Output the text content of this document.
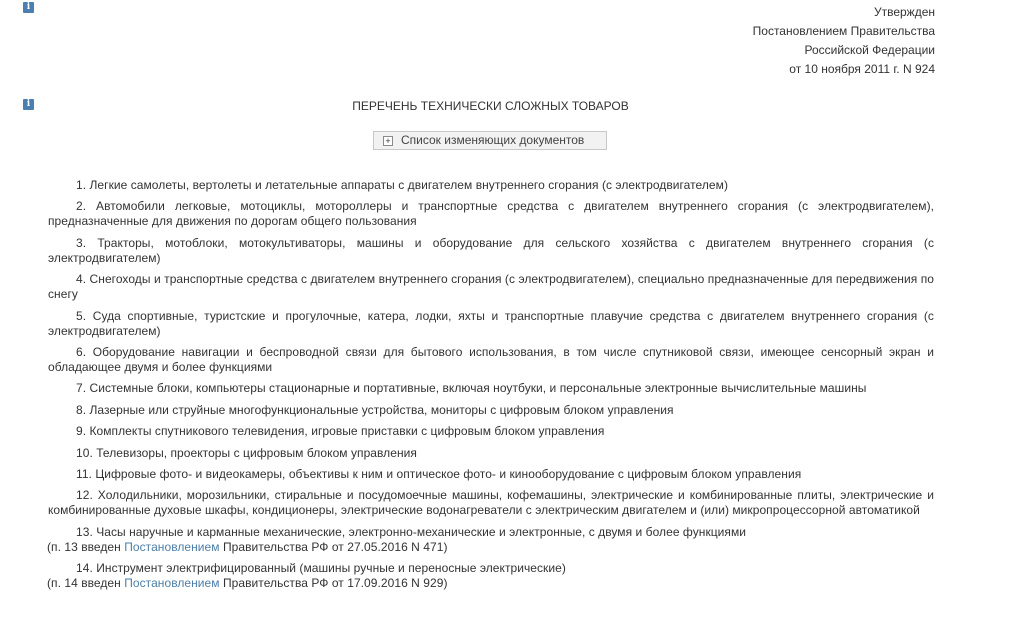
i
i
Утвержден
Постановлением Правительства
Российской Федерации
от 10 ноября 2011 г. N 924
ПЕРЕЧЕНЬ ТЕХНИЧЕСКИ СЛОЖНЫХ ТОВАРОВ
+ Список изменяющих документов
1. Легкие самолеты, вертолеты и летательные аппараты с двигателем внутреннего сгорания (с электродвигателем)
2. Автомобили легковые, мотоциклы, мотороллеры и транспортные средства с двигателем внутреннего сгорания (с электродвигателем), предназначенные для движения по дорогам общего пользования
3. Тракторы, мотоблоки, мотокультиваторы, машины и оборудование для сельского хозяйства с двигателем внутреннего сгорания (с электродвигателем)
4. Снегоходы и транспортные средства с двигателем внутреннего сгорания (с электродвигателем), специально предназначенные для передвижения по снегу
5. Суда спортивные, туристские и прогулочные, катера, лодки, яхты и транспортные плавучие средства с двигателем внутреннего сгорания (с электродвигателем)
6. Оборудование навигации и беспроводной связи для бытового использования, в том числе спутниковой связи, имеющее сенсорный экран и обладающее двумя и более функциями
7. Системные блоки, компьютеры стационарные и портативные, включая ноутбуки, и персональные электронные вычислительные машины
8. Лазерные или струйные многофункциональные устройства, мониторы с цифровым блоком управления
9. Комплекты спутникового телевидения, игровые приставки с цифровым блоком управления
10. Телевизоры, проекторы с цифровым блоком управления
11. Цифровые фото- и видеокамеры, объективы к ним и оптическое фото- и кинооборудование с цифровым блоком управления
12. Холодильники, морозильники, стиральные и посудомоечные машины, кофемашины, электрические и комбинированные плиты, электрические и комбинированные духовые шкафы, кондиционеры, электрические водонагреватели с электрическим двигателем и (или) микропроцессорной автоматикой
13. Часы наручные и карманные механические, электронно-механические и электронные, с двумя и более функциями
(п. 13 введен Постановлением Правительства РФ от 27.05.2016 N 471)
14. Инструмент электрифицированный (машины ручные и переносные электрические)
(п. 14 введен Постановлением Правительства РФ от 17.09.2016 N 929)
